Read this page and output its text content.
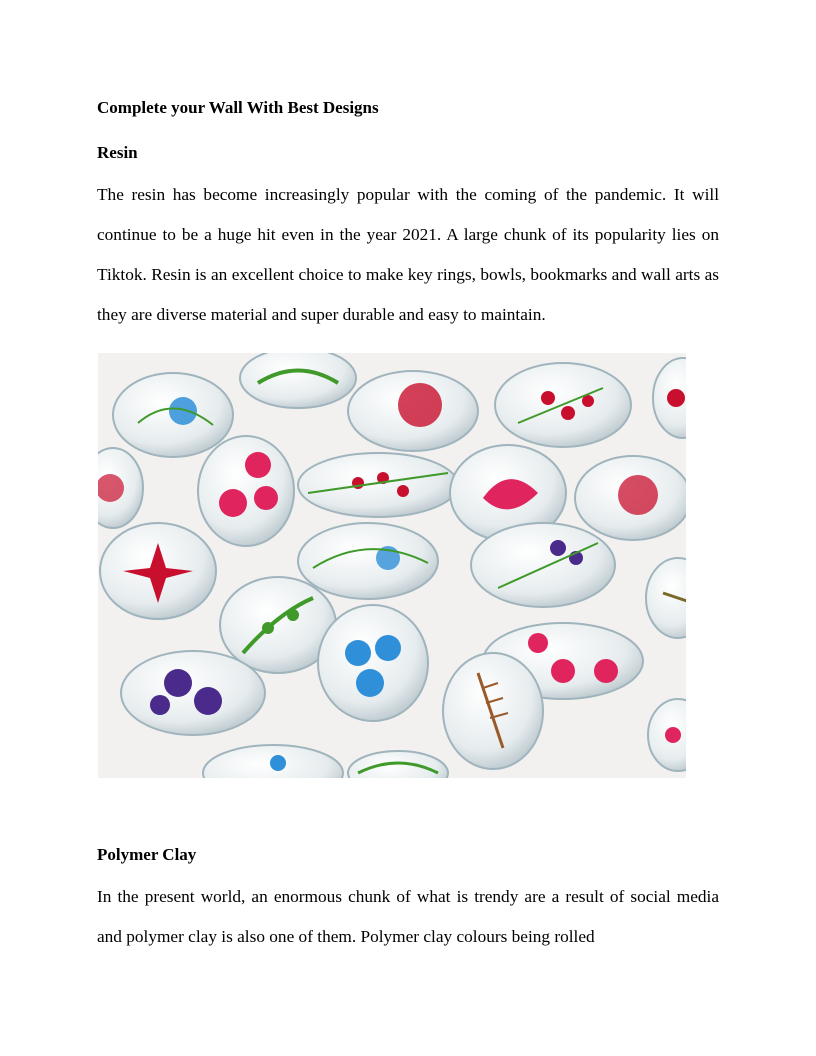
Complete your Wall With Best Designs
Resin

The resin has become increasingly popular with the coming of the pandemic. It will continue to be a huge hit even in the year 2021. A large chunk of its popularity lies on Tiktok. Resin is an excellent choice to make key rings, bowls, bookmarks and wall arts as they are diverse material and super durable and easy to maintain.

Polymer Clay

In the present world, an enormous chunk of what is trendy are a result of social media and polymer clay is also one of them. Polymer clay colours being rolled
